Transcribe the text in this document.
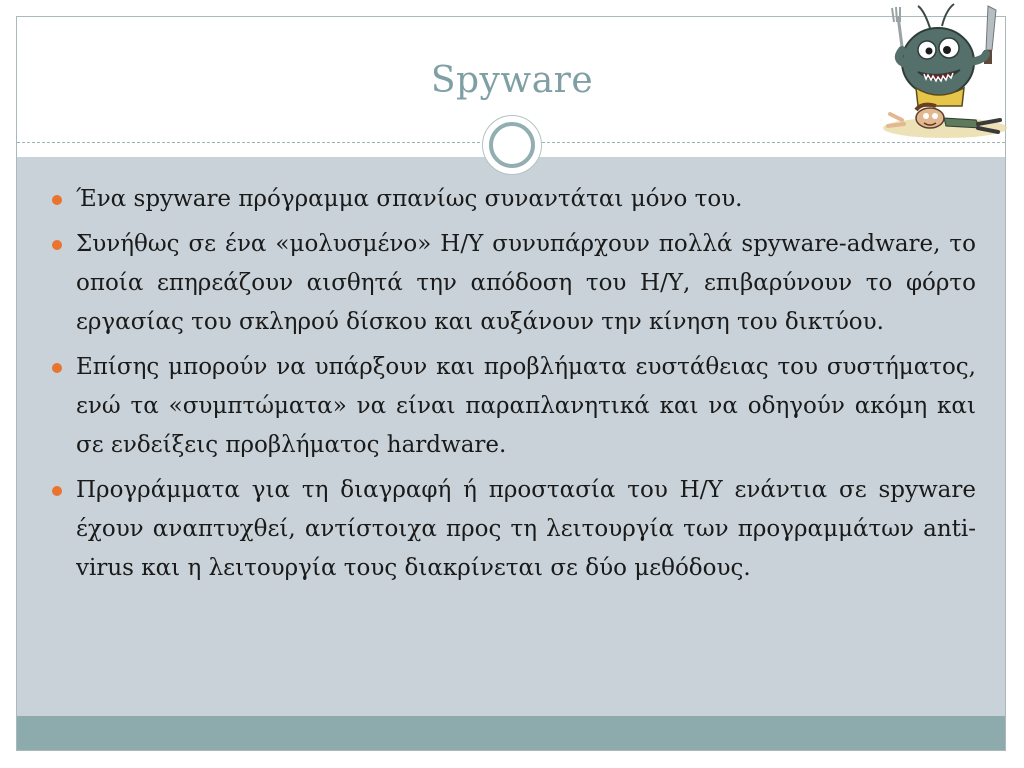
Spyware
Ένα spyware πρόγραμμα σπανίως συναντάται μόνο του.
Συνήθως σε ένα «μολυσμένο» Η/Υ συνυπάρχουν πολλά spyware-adware, το οποία επηρεάζουν αισθητά την απόδοση του Η/Υ, επιβαρύνουν το φόρτο εργασίας του σκληρού δίσκου και αυξάνουν την κίνηση του δικτύου.
Επίσης μπορούν να υπάρξουν και προβλήματα ευστάθειας του συστήματος, ενώ τα «συμπτώματα» να είναι παραπλανητικά και να οδηγούν ακόμη και σε ενδείξεις προβλήματος hardware.
Προγράμματα για τη διαγραφή ή προστασία του Η/Υ ενάντια σε spyware έχουν αναπτυχθεί, αντίστοιχα προς τη λειτουργία των προγραμμάτων anti-virus και η λειτουργία τους διακρίνεται σε δύο μεθόδους.
